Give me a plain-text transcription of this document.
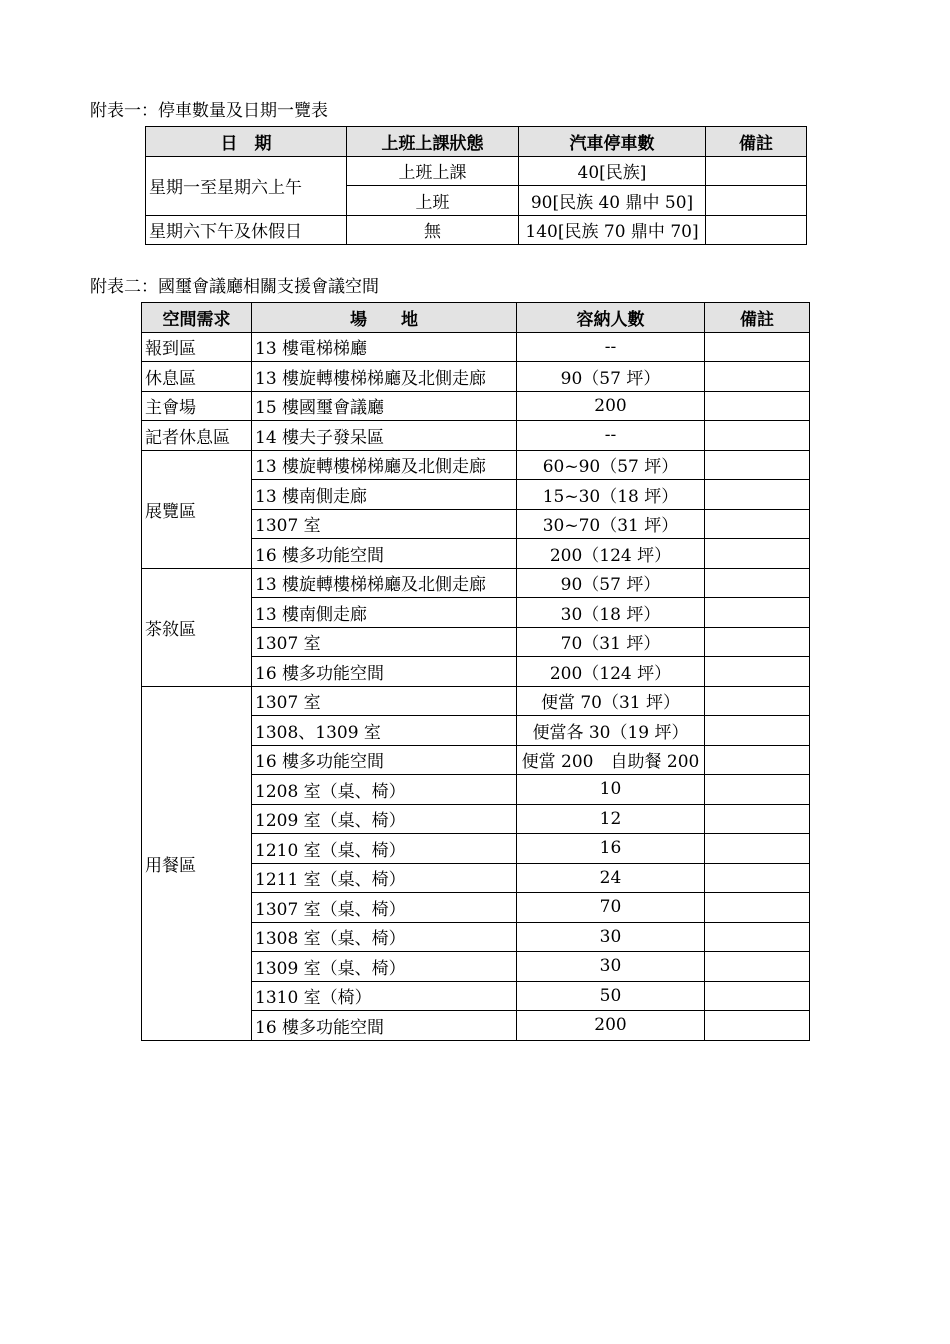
附表一：停車數量及日期一覽表
日　期	上班上課狀態	汽車停車數	備註
星期一至星期六上午	上班上課	40[民族]	
	上班	90[民族 40 鼎中 50]	
星期六下午及休假日	無	140[民族 70 鼎中 70]	
附表二：國璽會議廳相關支援會議空間
空間需求	場　　地	容納人數	備註
報到區	13 樓電梯梯廳	--	
休息區	13 樓旋轉樓梯梯廳及北側走廊	90（57 坪）	
主會場	15 樓國璽會議廳	200	
記者休息區	14 樓夫子發呆區	--	
展覽區	13 樓旋轉樓梯梯廳及北側走廊	60~90（57 坪）	
	13 樓南側走廊	15~30（18 坪）	
	1307 室	30~70（31 坪）	
	16 樓多功能空間	200（124 坪）	
茶敘區	13 樓旋轉樓梯梯廳及北側走廊	90（57 坪）	
	13 樓南側走廊	30（18 坪）	
	1307 室	70（31 坪）	
	16 樓多功能空間	200（124 坪）	
用餐區	1307 室	便當 70（31 坪）	
	1308、1309 室	便當各 30（19 坪）	
	16 樓多功能空間	便當 200　自助餐 200	
	1208 室（桌、椅）	10	
	1209 室（桌、椅）	12	
	1210 室（桌、椅）	16	
	1211 室（桌、椅）	24	
	1307 室（桌、椅）	70	
	1308 室（桌、椅）	30	
	1309 室（桌、椅）	30	
	1310 室（椅）	50	
	16 樓多功能空間	200	
